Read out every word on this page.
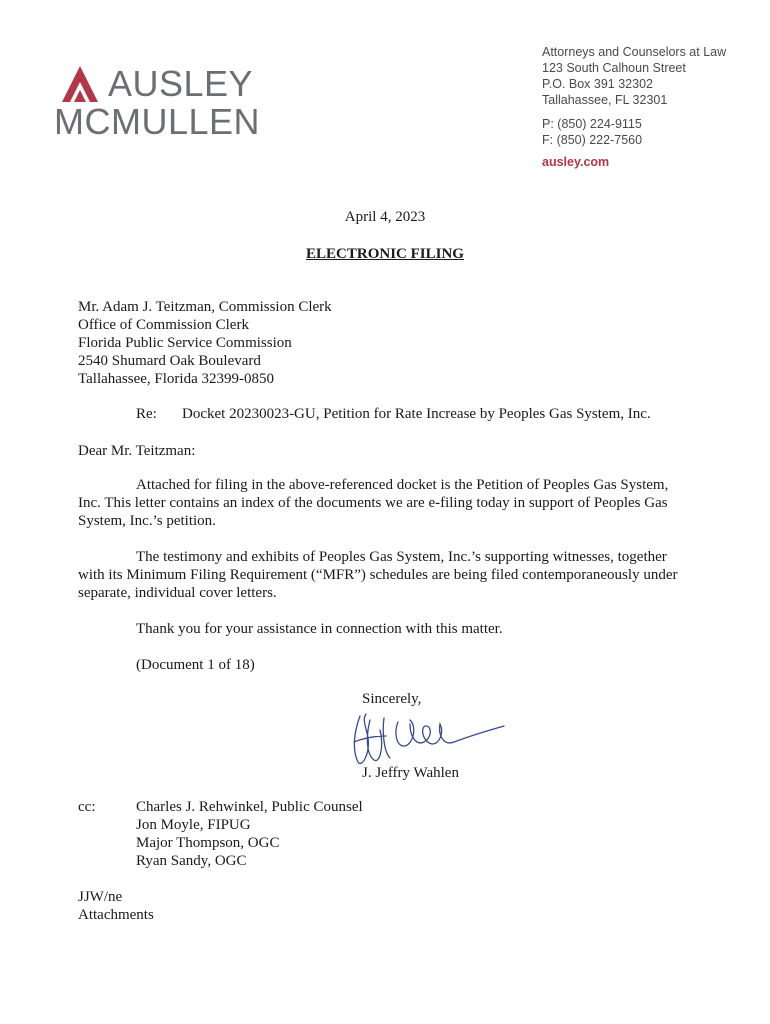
AUSLEY
MCMULLEN
Attorneys and Counselors at Law
123 South Calhoun Street
P.O. Box 391 32302
Tallahassee, FL 32301
P: (850) 224-9115
F: (850) 222-7560
ausley.com
April 4, 2023
ELECTRONIC FILING
Mr. Adam J. Teitzman, Commission Clerk
Office of Commission Clerk
Florida Public Service Commission
2540 Shumard Oak Boulevard
Tallahassee, Florida 32399-0850
Re: Docket 20230023-GU, Petition for Rate Increase by Peoples Gas System, Inc.
Dear Mr. Teitzman:
Attached for filing in the above-referenced docket is the Petition of Peoples Gas System, Inc. This letter contains an index of the documents we are e-filing today in support of Peoples Gas System, Inc.’s petition.
The testimony and exhibits of Peoples Gas System, Inc.’s supporting witnesses, together with its Minimum Filing Requirement (“MFR”) schedules are being filed contemporaneously under separate, individual cover letters.
Thank you for your assistance in connection with this matter.
(Document 1 of 18)
Sincerely,
J. Jeffry Wahlen
cc:	Charles J. Rehwinkel, Public Counsel
Jon Moyle, FIPUG
Major Thompson, OGC
Ryan Sandy, OGC
JJW/ne
Attachments
